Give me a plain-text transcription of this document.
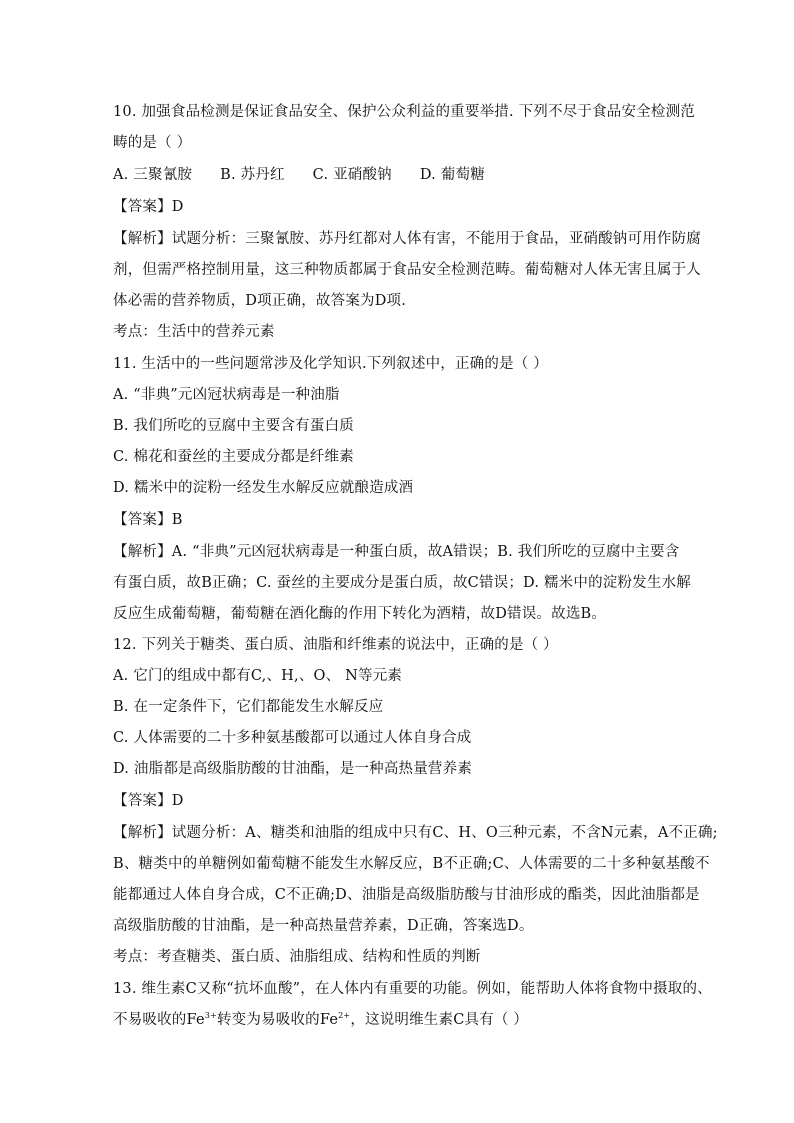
10. 加强食品检测是保证食品安全、保护公众利益的重要举措. 下列不尽于食品安全检测范
畴的是（ ）
A. 三聚氰胺 B. 苏丹红 C. 亚硝酸钠 D. 葡萄糖
【答案】D
【解析】试题分析：三聚氰胺、苏丹红都对人体有害，不能用于食品，亚硝酸钠可用作防腐
剂，但需严格控制用量，这三种物质都属于食品安全检测范畴。葡萄糖对人体无害且属于人
体必需的营养物质，D项正确，故答案为D项.
考点：生活中的营养元素
11. 生活中的一些问题常涉及化学知识.下列叙述中，正确的是（ ）
A. “非典”元凶冠状病毒是一种油脂
B. 我们所吃的豆腐中主要含有蛋白质
C. 棉花和蚕丝的主要成分都是纤维素
D. 糯米中的淀粉一经发生水解反应就酿造成酒
【答案】B
【解析】A. “非典”元凶冠状病毒是一种蛋白质，故A错误；B. 我们所吃的豆腐中主要含
有蛋白质，故B正确；C. 蚕丝的主要成分是蛋白质，故C错误；D. 糯米中的淀粉发生水解
反应生成葡萄糖，葡萄糖在酒化酶的作用下转化为酒精，故D错误。故选B。
12. 下列关于糖类、蛋白质、油脂和纤维素的说法中，正确的是（ ）
A. 它门的组成中都有C,、H,、O、 N等元素
B. 在一定条件下，它们都能发生水解反应
C. 人体需要的二十多种氨基酸都可以通过人体自身合成
D. 油脂都是高级脂肪酸的甘油酯，是一种高热量营养素
【答案】D
【解析】试题分析：A、糖类和油脂的组成中只有C、H、O三种元素，不含N元素，A不正确;
B、糖类中的单糖例如葡萄糖不能发生水解反应，B不正确;C、人体需要的二十多种氨基酸不
能都通过人体自身合成，C不正确;D、油脂是高级脂肪酸与甘油形成的酯类，因此油脂都是
高级脂肪酸的甘油酯，是一种高热量营养素，D正确，答案选D。
考点：考查糖类、蛋白质、油脂组成、结构和性质的判断
13. 维生素C又称“抗坏血酸”，在人体内有重要的功能。例如，能帮助人体将食物中摄取的、
不易吸收的$Fe^{3+}$转变为易吸收的$Fe^{2+}$，这说明维生素C具有（ ）
